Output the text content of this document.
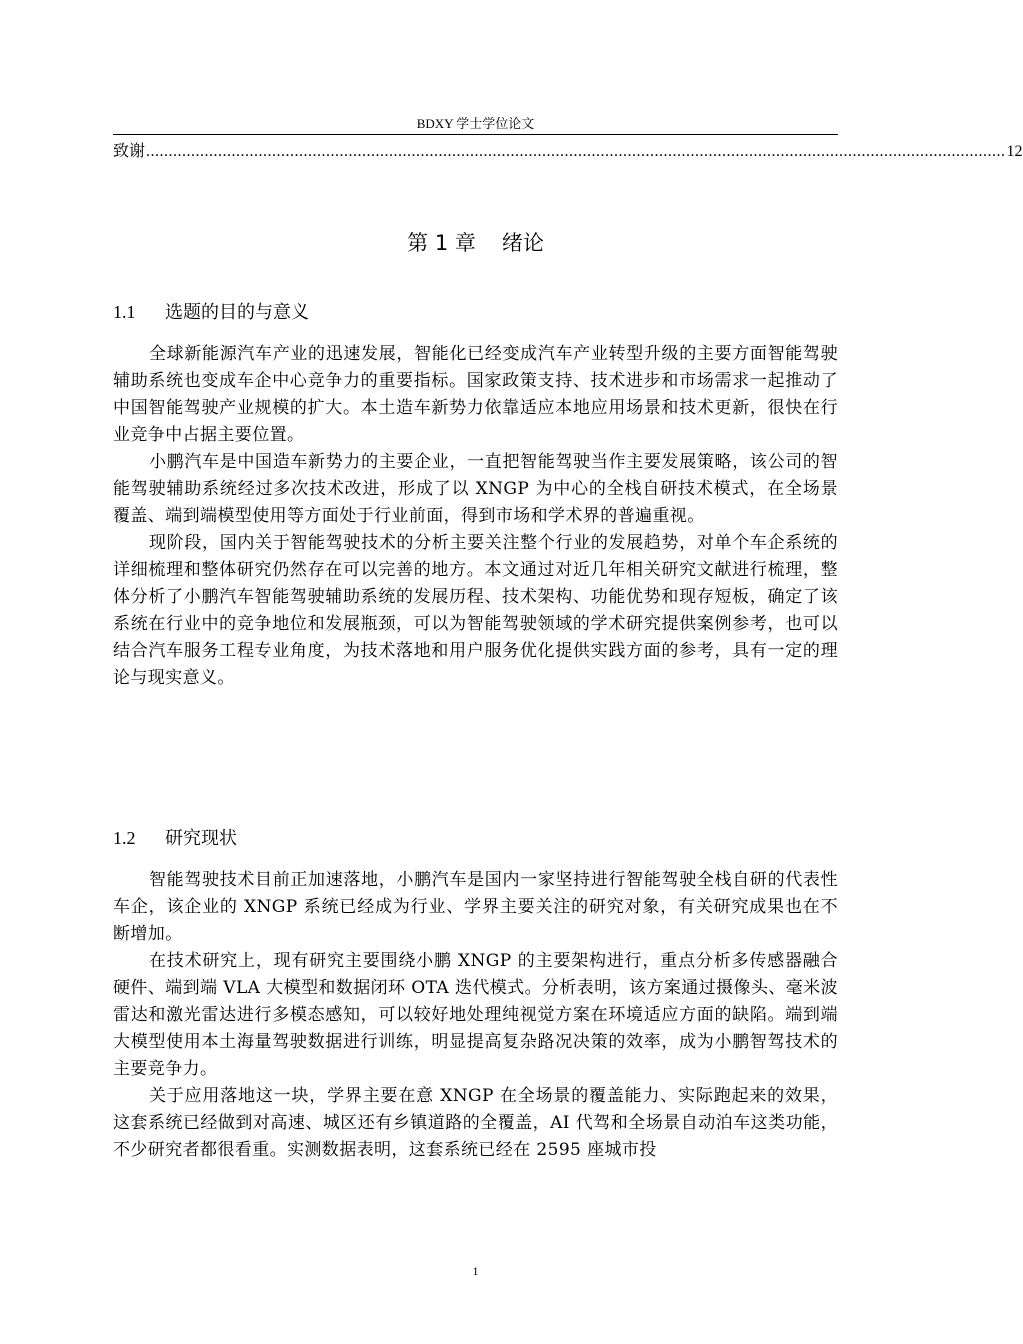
BDXY 学士学位论文
致谢 ............................................................................................................................................................................................... 12
第 1 章 绪论
1.1 选题的目的与意义

全球新能源汽车产业的迅速发展，智能化已经变成汽车产业转型升级的主要方面智能驾驶辅助系统也变成车企中心竞争力的重要指标。国家政策支持、技术进步和市场需求一起推动了中国智能驾驶产业规模的扩大。本土造车新势力依靠适应本地应用场景和技术更新，很快在行业竞争中占据主要位置。

小鹏汽车是中国造车新势力的主要企业，一直把智能驾驶当作主要发展策略，该公司的智能驾驶辅助系统经过多次技术改进，形成了以 XNGP 为中心的全栈自研技术模式，在全场景覆盖、端到端模型使用等方面处于行业前面，得到市场和学术界的普遍重视。

现阶段，国内关于智能驾驶技术的分析主要关注整个行业的发展趋势，对单个车企系统的详细梳理和整体研究仍然存在可以完善的地方。本文通过对近几年相关研究文献进行梳理，整体分析了小鹏汽车智能驾驶辅助系统的发展历程、技术架构、功能优势和现存短板，确定了该系统在行业中的竞争地位和发展瓶颈，可以为智能驾驶领域的学术研究提供案例参考，也可以结合汽车服务工程专业角度，为技术落地和用户服务优化提供实践方面的参考，具有一定的理论与现实意义。

1.2 研究现状

智能驾驶技术目前正加速落地，小鹏汽车是国内一家坚持进行智能驾驶全栈自研的代表性车企，该企业的 XNGP 系统已经成为行业、学界主要关注的研究对象，有关研究成果也在不断增加。

在技术研究上，现有研究主要围绕小鹏 XNGP 的主要架构进行，重点分析多传感器融合硬件、端到端 VLA 大模型和数据闭环 OTA 迭代模式。分析表明，该方案通过摄像头、毫米波雷达和激光雷达进行多模态感知，可以较好地处理纯视觉方案在环境适应方面的缺陷。端到端大模型使用本土海量驾驶数据进行训练，明显提高复杂路况决策的效率，成为小鹏智驾技术的主要竞争力。

关于应用落地这一块，学界主要在意 XNGP 在全场景的覆盖能力、实际跑起来的效果，这套系统已经做到对高速、城区还有乡镇道路的全覆盖，AI 代驾和全场景自动泊车这类功能，不少研究者都很看重。实测数据表明，这套系统已经在 2595 座城市投

1
